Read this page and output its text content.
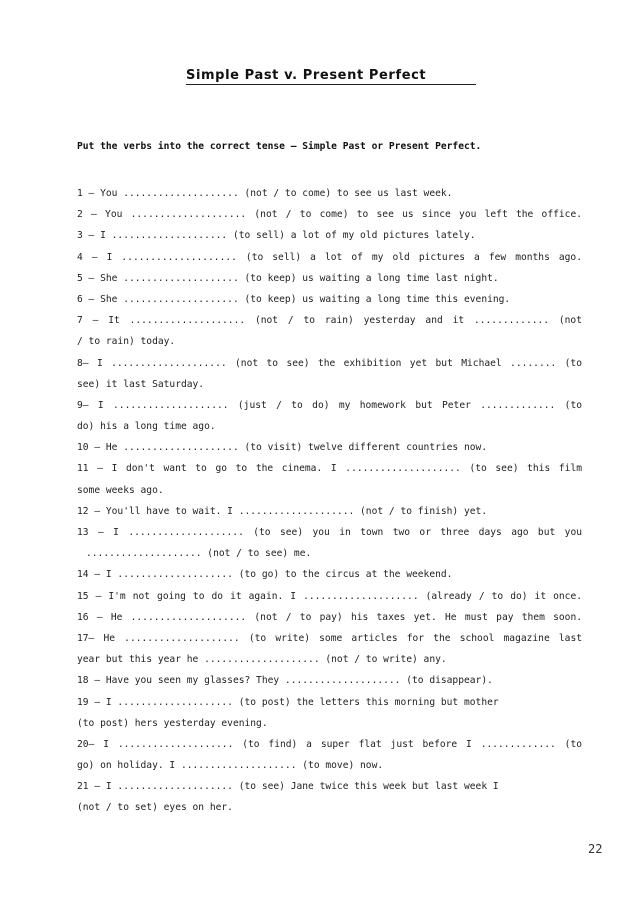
Simple Past v. Present Perfect
Put the verbs into the correct tense – Simple Past or Present Perfect.
1 – You .................... (not / to come) to see us last week.
2 – You .................... (not / to come) to see us since you left the office.
3 – I .................... (to sell) a lot of my old pictures lately.
4 – I .................... (to sell) a lot of my old pictures a few months ago.
5 – She .................... (to keep) us waiting a long time last night.
6 – She .................... (to keep) us waiting a long time this evening.
7 – It .................... (not / to rain) yesterday and it ............. (not
/ to rain) today.
8– I .................... (not to see) the exhibition yet but Michael ........ (to
see) it last Saturday.
9– I .................... (just / to do) my homework but Peter ............. (to
do) his a long time ago.
10 – He .................... (to visit) twelve different countries now.
11 – I don't want to go to the cinema. I .................... (to see) this film
some weeks ago.
12 – You'll have to wait. I .................... (not / to finish) yet.
13 – I .................... (to see) you in town two or three days ago but you
.................... (not / to see) me.
14 – I .................... (to go) to the circus at the weekend.
15 – I'm not going to do it again. I .................... (already / to do) it once.
16 – He .................... (not / to pay) his taxes yet. He must pay them soon.
17– He .................... (to write) some articles for the school magazine last
year but this year he .................... (not / to write) any.
18 – Have you seen my glasses? They .................... (to disappear).
19 – I .................... (to post) the letters this morning but mother
(to post) hers yesterday evening.
20– I .................... (to find) a super flat just before I ............. (to
go) on holiday. I .................... (to move) now.
21 – I .................... (to see) Jane twice this week but last week I
(not / to set) eyes on her.
22
